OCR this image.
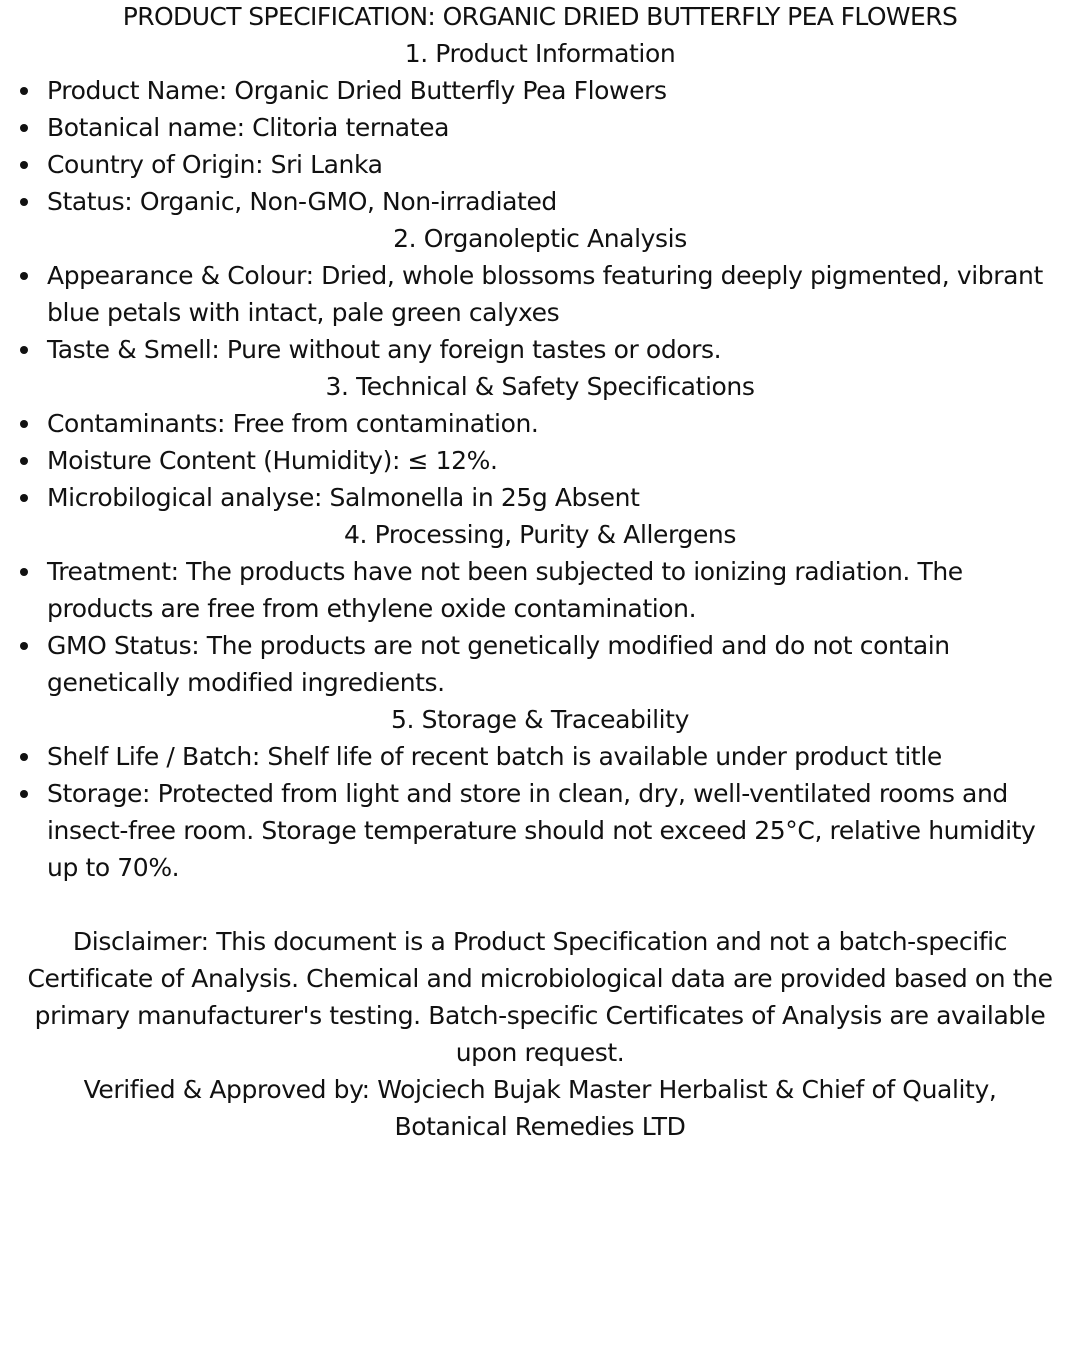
PRODUCT SPECIFICATION: ORGANIC DRIED BUTTERFLY PEA FLOWERS
1. Product Information
Product Name: Organic Dried Butterfly Pea Flowers
Botanical name: Clitoria ternatea
Country of Origin: Sri Lanka
Status: Organic, Non-GMO, Non-irradiated
2. Organoleptic Analysis
Appearance & Colour: Dried, whole blossoms featuring deeply pigmented, vibrant blue petals with intact, pale green calyxes
Taste & Smell: Pure without any foreign tastes or odors.
3. Technical & Safety Specifications
Contaminants: Free from contamination.
Moisture Content (Humidity): ≤ 12%.
Microbilogical analyse: Salmonella in 25g Absent
4. Processing, Purity & Allergens
Treatment: The products have not been subjected to ionizing radiation. The products are free from ethylene oxide contamination.
GMO Status: The products are not genetically modified and do not contain genetically modified ingredients.
5. Storage & Traceability
Shelf Life / Batch: Shelf life of recent batch is available under product title
Storage: Protected from light and store in clean, dry, well-ventilated rooms and insect-free room. Storage temperature should not exceed 25°C, relative humidity up to 70%.
Disclaimer: This document is a Product Specification and not a batch-specific Certificate of Analysis. Chemical and microbiological data are provided based on the primary manufacturer's testing. Batch-specific Certificates of Analysis are available upon request.
Verified & Approved by: Wojciech Bujak Master Herbalist & Chief of Quality, Botanical Remedies LTD
